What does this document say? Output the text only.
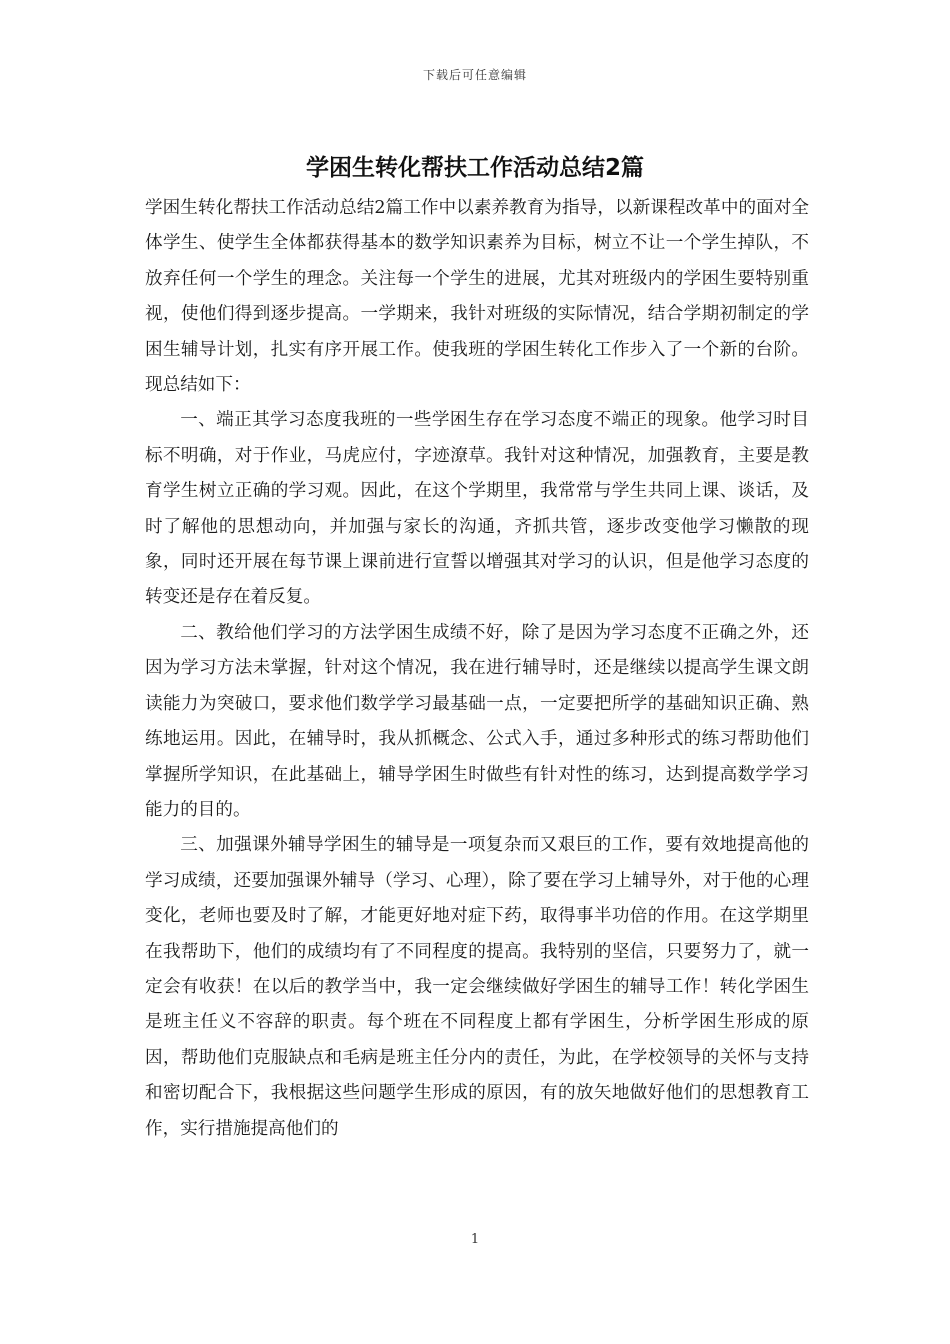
下载后可任意编辑
学困生转化帮扶工作活动总结2篇

学困生转化帮扶工作活动总结2篇工作中以素养教育为指导，以新课程改革中的面对全体学生、使学生全体都获得基本的数学知识素养为目标，树立不让一个学生掉队，不放弃任何一个学生的理念。关注每一个学生的进展，尤其对班级内的学困生要特别重视，使他们得到逐步提高。一学期来，我针对班级的实际情况，结合学期初制定的学困生辅导计划，扎实有序开展工作。使我班的学困生转化工作步入了一个新的台阶。现总结如下：

一、端正其学习态度我班的一些学困生存在学习态度不端正的现象。他学习时目标不明确，对于作业，马虎应付，字迹潦草。我针对这种情况，加强教育，主要是教育学生树立正确的学习观。因此，在这个学期里，我常常与学生共同上课、谈话，及时了解他的思想动向，并加强与家长的沟通，齐抓共管，逐步改变他学习懒散的现象，同时还开展在每节课上课前进行宣誓以增强其对学习的认识，但是他学习态度的转变还是存在着反复。

二、教给他们学习的方法学困生成绩不好，除了是因为学习态度不正确之外，还因为学习方法未掌握，针对这个情况，我在进行辅导时，还是继续以提高学生课文朗读能力为突破口，要求他们数学学习最基础一点，一定要把所学的基础知识正确、熟练地运用。因此，在辅导时，我从抓概念、公式入手，通过多种形式的练习帮助他们掌握所学知识，在此基础上，辅导学困生时做些有针对性的练习，达到提高数学学习能力的目的。

三、加强课外辅导学困生的辅导是一项复杂而又艰巨的工作，要有效地提高他的学习成绩，还要加强课外辅导（学习、心理），除了要在学习上辅导外，对于他的心理变化，老师也要及时了解，才能更好地对症下药，取得事半功倍的作用。在这学期里在我帮助下，他们的成绩均有了不同程度的提高。我特别的坚信，只要努力了，就一定会有收获！在以后的教学当中，我一定会继续做好学困生的辅导工作！转化学困生是班主任义不容辞的职责。每个班在不同程度上都有学困生，分析学困生形成的原因，帮助他们克服缺点和毛病是班主任分内的责任，为此，在学校领导的关怀与支持和密切配合下，我根据这些问题学生形成的原因，有的放矢地做好他们的思想教育工作，实行措施提高他们的

1
